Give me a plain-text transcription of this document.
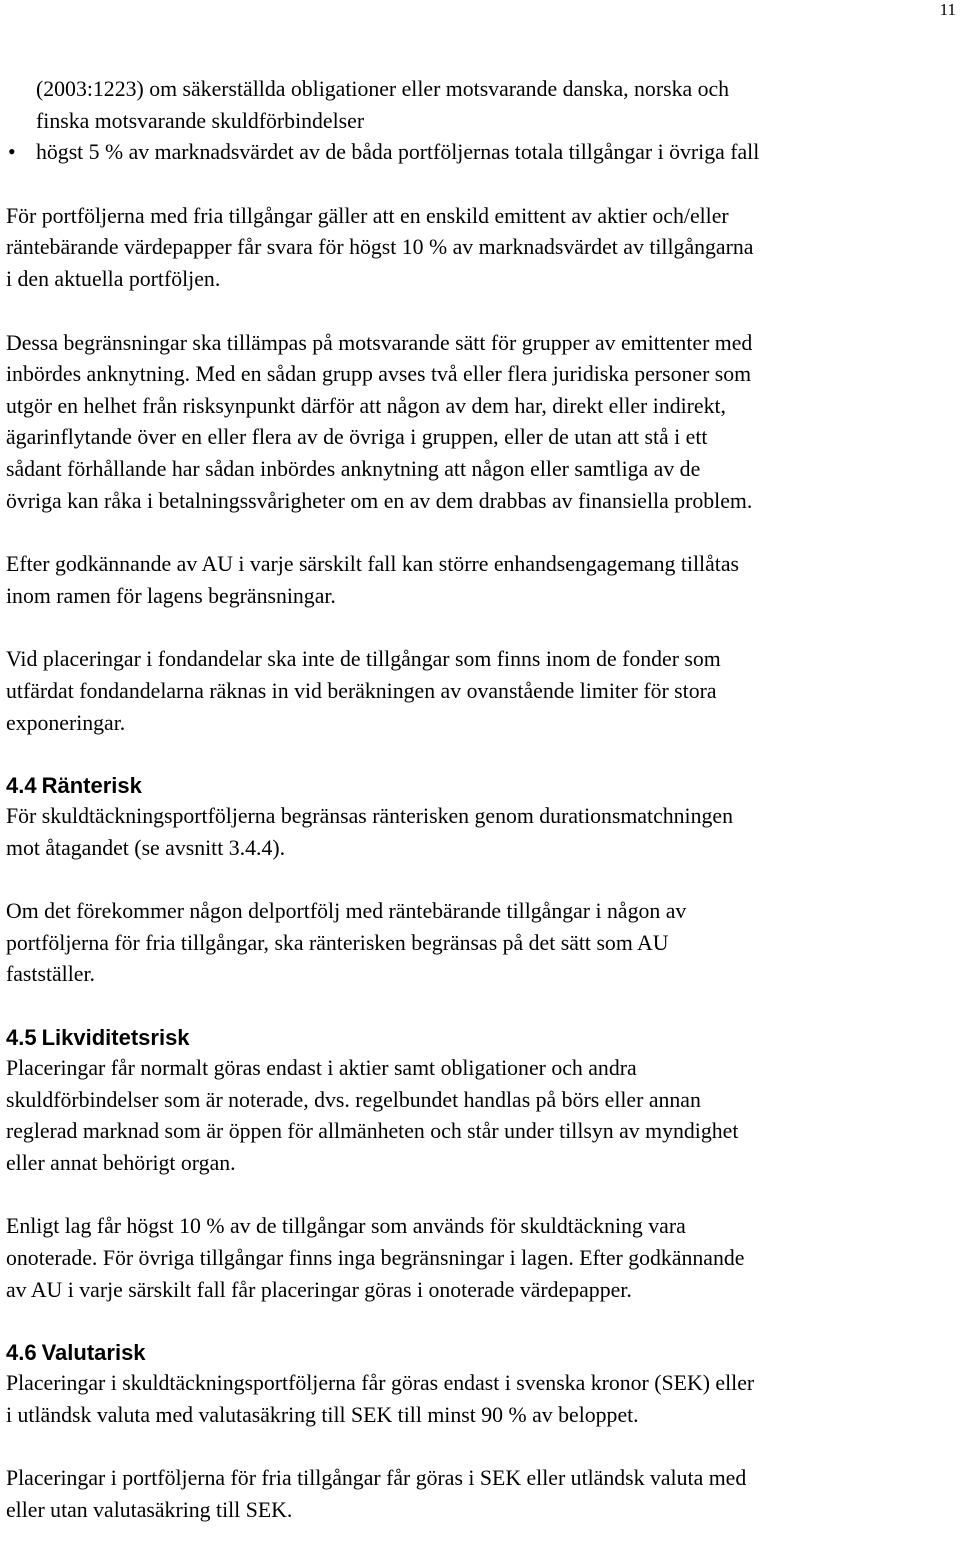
11
(2003:1223) om säkerställda obligationer eller motsvarande danska, norska och
finska motsvarande skuldförbindelser
• högst 5 % av marknadsvärdet av de båda portföljernas totala tillgångar i övriga fall
För portföljerna med fria tillgångar gäller att en enskild emittent av aktier och/eller
räntebärande värdepapper får svara för högst 10 % av marknadsvärdet av tillgångarna
i den aktuella portföljen.
Dessa begränsningar ska tillämpas på motsvarande sätt för grupper av emittenter med
inbördes anknytning. Med en sådan grupp avses två eller flera juridiska personer som
utgör en helhet från risksynpunkt därför att någon av dem har, direkt eller indirekt,
ägarinflytande över en eller flera av de övriga i gruppen, eller de utan att stå i ett
sådant förhållande har sådan inbördes anknytning att någon eller samtliga av de
övriga kan råka i betalningssvårigheter om en av dem drabbas av finansiella problem.
Efter godkännande av AU i varje särskilt fall kan större enhandsengagemang tillåtas
inom ramen för lagens begränsningar.
Vid placeringar i fondandelar ska inte de tillgångar som finns inom de fonder som
utfärdat fondandelarna räknas in vid beräkningen av ovanstående limiter för stora
exponeringar.
4.4 Ränterisk
För skuldtäckningsportföljerna begränsas ränterisken genom durationsmatchningen
mot åtagandet (se avsnitt 3.4.4).
Om det förekommer någon delportfölj med räntebärande tillgångar i någon av
portföljerna för fria tillgångar, ska ränterisken begränsas på det sätt som AU
fastställer.
4.5 Likviditetsrisk
Placeringar får normalt göras endast i aktier samt obligationer och andra
skuldförbindelser som är noterade, dvs. regelbundet handlas på börs eller annan
reglerad marknad som är öppen för allmänheten och står under tillsyn av myndighet
eller annat behörigt organ.
Enligt lag får högst 10 % av de tillgångar som används för skuldtäckning vara
onoterade. För övriga tillgångar finns inga begränsningar i lagen. Efter godkännande
av AU i varje särskilt fall får placeringar göras i onoterade värdepapper.
4.6 Valutarisk
Placeringar i skuldtäckningsportföljerna får göras endast i svenska kronor (SEK) eller
i utländsk valuta med valutasäkring till SEK till minst 90 % av beloppet.
Placeringar i portföljerna för fria tillgångar får göras i SEK eller utländsk valuta med
eller utan valutasäkring till SEK.
